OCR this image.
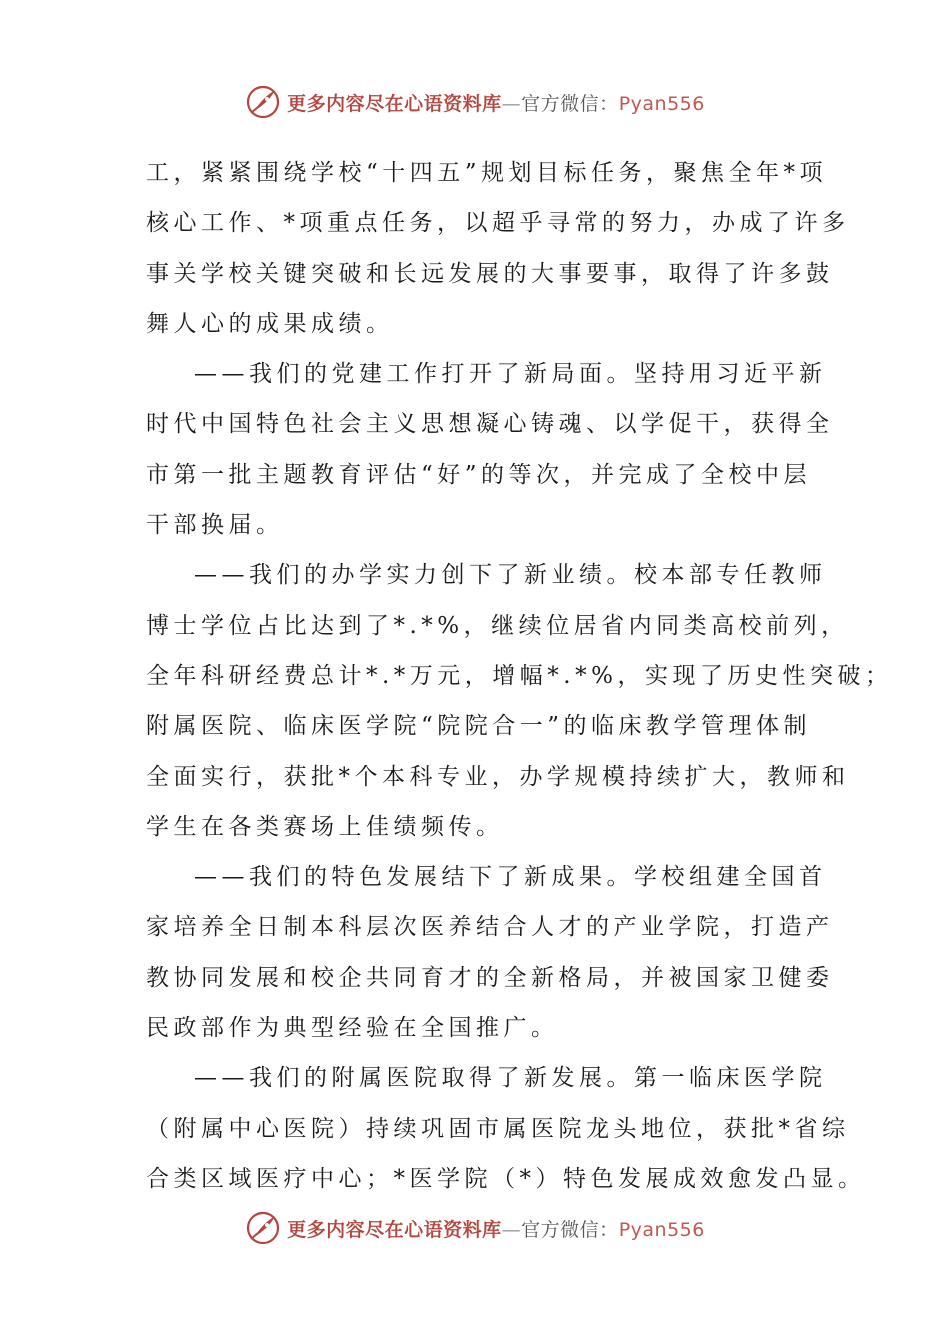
更多内容尽在心语资料库—官方微信：Pyan556
工，紧紧围绕学校“十四五”规划目标任务，聚焦全年*项
核心工作、*项重点任务，以超乎寻常的努力，办成了许多
事关学校关键突破和长远发展的大事要事，取得了许多鼓
舞人心的成果成绩。
——我们的党建工作打开了新局面。坚持用习近平新
时代中国特色社会主义思想凝心铸魂、以学促干，获得全
市第一批主题教育评估“好”的等次，并完成了全校中层
干部换届。
——我们的办学实力创下了新业绩。校本部专任教师
博士学位占比达到了*.*%，继续位居省内同类高校前列，
全年科研经费总计*.*万元，增幅*.*%，实现了历史性突破；
附属医院、临床医学院“院院合一”的临床教学管理体制
全面实行，获批*个本科专业，办学规模持续扩大，教师和
学生在各类赛场上佳绩频传。
——我们的特色发展结下了新成果。学校组建全国首
家培养全日制本科层次医养结合人才的产业学院，打造产
教协同发展和校企共同育才的全新格局，并被国家卫健委
民政部作为典型经验在全国推广。
——我们的附属医院取得了新发展。第一临床医学院
（附属中心医院）持续巩固市属医院龙头地位，获批*省综
合类区域医疗中心；*医学院（*）特色发展成效愈发凸显。
更多内容尽在心语资料库—官方微信：Pyan556
